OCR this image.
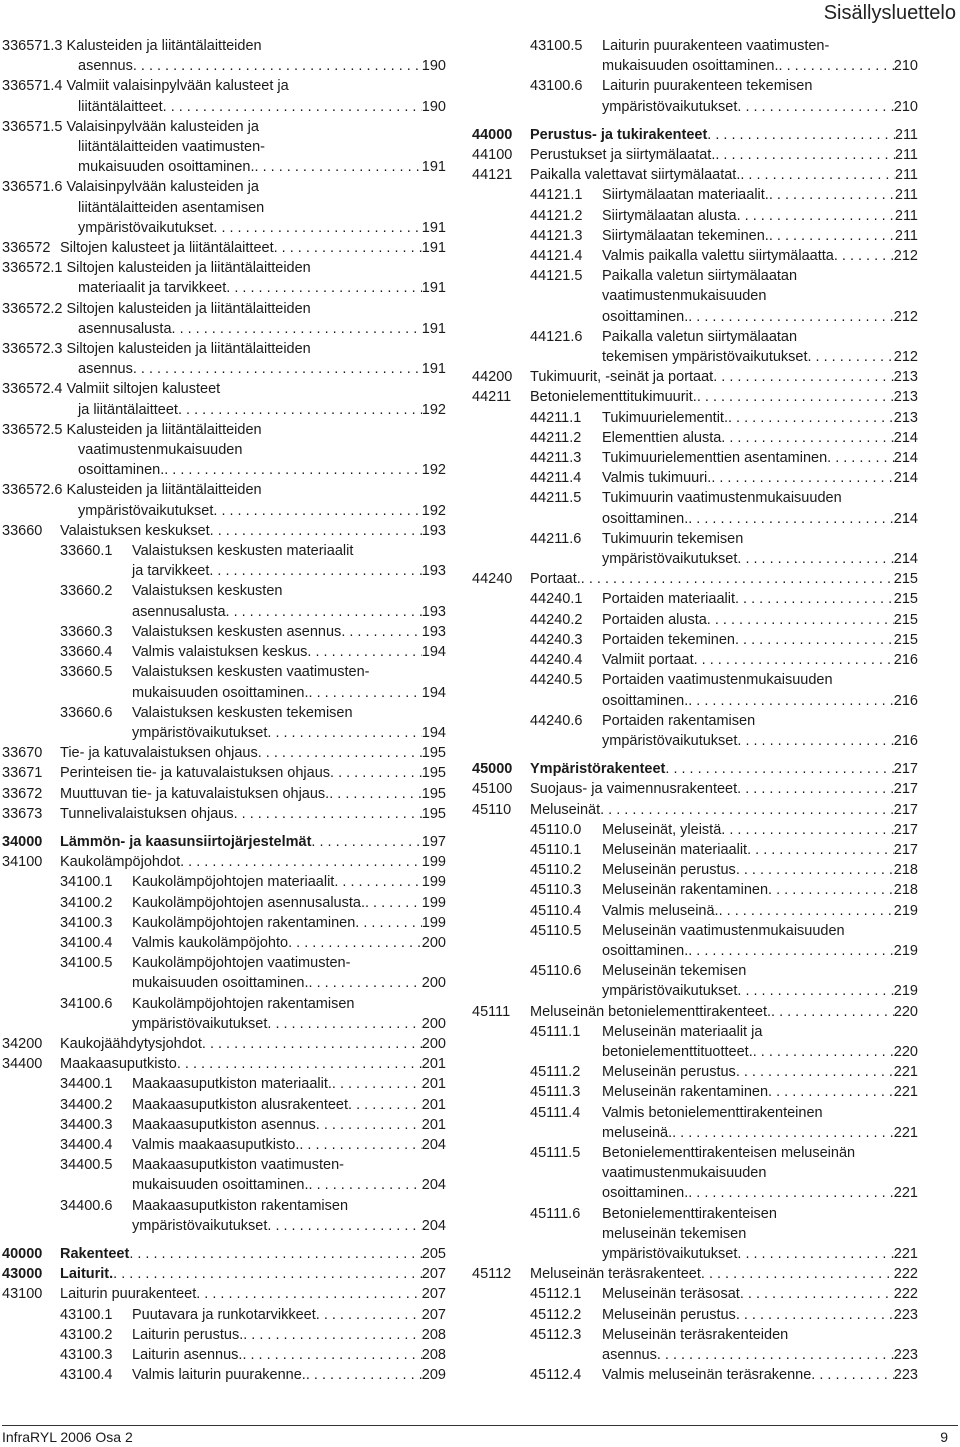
Sisällysluettelo
336571.3 Kalusteiden ja liitäntälaitteiden
asennus . . .	190
336571.4 Valmiit valaisinpylvään kalusteet ja
liitäntälaitteet . . .	190
336571.5 Valaisinpylvään kalusteiden ja
liitäntälaitteiden vaatimusten-
mukaisuuden osoittaminen. . . .	191
336571.6 Valaisinpylvään kalusteiden ja
liitäntälaitteiden asentamisen
ympäristövaikutukset . . .	191
336572 Siltojen kalusteet ja liitäntälaitteet . . .	191
336572.1 Siltojen kalusteiden ja liitäntälaitteiden
materiaalit ja tarvikkeet . . .	191
336572.2 Siltojen kalusteiden ja liitäntälaitteiden
asennusalusta . . .	191
336572.3 Siltojen kalusteiden ja liitäntälaitteiden
asennus . . .	191
336572.4 Valmiit siltojen kalusteet
ja liitäntälaitteet . . .	192
336572.5 Kalusteiden ja liitäntälaitteiden
vaatimustenmukaisuuden
osoittaminen. . . .	192
336572.6 Kalusteiden ja liitäntälaitteiden
ympäristövaikutukset . . .	192
33660	Valaistuksen keskukset . . .	193
33660.1	Valaistuksen keskusten materiaalit
ja tarvikkeet . . .	193
33660.2	Valaistuksen keskusten
asennusalusta . . .	193
33660.3	Valaistuksen keskusten asennus . . .	193
33660.4	Valmis valaistuksen keskus . . .	194
33660.5	Valaistuksen keskusten vaatimusten-
mukaisuuden osoittaminen. . . .	194
33660.6	Valaistuksen keskusten tekemisen
ympäristövaikutukset . . .	194
33670	Tie- ja katuvalaistuksen ohjaus . . .	195
33671	Perinteisen tie- ja katuvalaistuksen ohjaus . . .	195
33672	Muuttuvan tie- ja katuvalaistuksen ohjaus. . . .	195
33673	Tunnelivalaistuksen ohjaus . . .	195
34000	Lämmön- ja kaasunsiirtojärjestelmät . . .	197
34100	Kaukolämpöjohdot . . .	199
34100.1	Kaukolämpöjohtojen materiaalit . . .	199
34100.2	Kaukolämpöjohtojen asennusalusta. . . .	199
34100.3	Kaukolämpöjohtojen rakentaminen . . .	199
34100.4	Valmis kaukolämpöjohto . . .	200
34100.5	Kaukolämpöjohtojen vaatimusten-
mukaisuuden osoittaminen. . . .	200
34100.6	Kaukolämpöjohtojen rakentamisen
ympäristövaikutukset . . .	200
34200	Kaukojäähdytysjohdot . . .	200
34400	Maakaasuputkisto . . .	201
34400.1	Maakaasuputkiston materiaalit. . . .	201
34400.2	Maakaasuputkiston alusrakenteet . . .	201
34400.3	Maakaasuputkiston asennus . . .	201
34400.4	Valmis maakaasuputkisto. . . .	204
34400.5	Maakaasuputkiston vaatimusten-
mukaisuuden osoittaminen. . . .	204
34400.6	Maakaasuputkiston rakentamisen
ympäristövaikutukset . . .	204
40000	Rakenteet . . .	205
43000	Laiturit. . . .	207
43100	Laiturin puurakenteet . . .	207
43100.1	Puutavara ja runkotarvikkeet . . .	207
43100.2	Laiturin perustus. . . .	208
43100.3	Laiturin asennus. . . .	208
43100.4	Valmis laiturin puurakenne. . . .	209
43100.5	Laiturin puurakenteen vaatimusten-
mukaisuuden osoittaminen. . . .	210
43100.6	Laiturin puurakenteen tekemisen
ympäristövaikutukset . . .	210
44000	Perustus- ja tukirakenteet . . .	211
44100	Perustukset ja siirtymälaatat. . . .	211
44121	Paikalla valettavat siirtymälaatat. . . .	211
44121.1	Siirtymälaatan materiaalit. . . .	211
44121.2	Siirtymälaatan alusta . . .	211
44121.3	Siirtymälaatan tekeminen. . . .	211
44121.4	Valmis paikalla valettu siirtymälaatta . . .	212
44121.5	Paikalla valetun siirtymälaatan
vaatimustenmukaisuuden
osoittaminen. . . .	212
44121.6	Paikalla valetun siirtymälaatan
tekemisen ympäristövaikutukset . . .	212
44200	Tukimuurit, -seinät ja portaat . . .	213
44211	Betonielementtitukimuurit. . . .	213
44211.1	Tukimuurielementit. . . .	213
44211.2	Elementtien alusta . . .	214
44211.3	Tukimuurielementtien asentaminen . . .	214
44211.4	Valmis tukimuuri. . . .	214
44211.5	Tukimuurin vaatimustenmukaisuuden
osoittaminen. . . .	214
44211.6	Tukimuurin tekemisen
ympäristövaikutukset . . .	214
44240	Portaat. . . .	215
44240.1	Portaiden materiaalit . . .	215
44240.2	Portaiden alusta . . .	215
44240.3	Portaiden tekeminen . . .	215
44240.4	Valmiit portaat . . .	216
44240.5	Portaiden vaatimustenmukaisuuden
osoittaminen. . . .	216
44240.6	Portaiden rakentamisen
ympäristövaikutukset . . .	216
45000	Ympäristörakenteet . . .	217
45100	Suojaus- ja vaimennusrakenteet . . .	217
45110	Meluseinät . . .	217
45110.0	Meluseinät, yleistä . . .	217
45110.1	Meluseinän materiaalit . . .	217
45110.2	Meluseinän perustus . . .	218
45110.3	Meluseinän rakentaminen . . .	218
45110.4	Valmis meluseinä. . . .	219
45110.5	Meluseinän vaatimustenmukaisuuden
osoittaminen. . . .	219
45110.6	Meluseinän tekemisen
ympäristövaikutukset . . .	219
45111	Meluseinän betonielementtirakenteet. . . .	220
45111.1	Meluseinän materiaalit ja
betonielementtituotteet. . . .	220
45111.2	Meluseinän perustus . . .	221
45111.3	Meluseinän rakentaminen . . .	221
45111.4	Valmis betonielementtirakenteinen
meluseinä. . . .	221
45111.5	Betonielementtirakenteisen meluseinän
vaatimustenmukaisuuden
osoittaminen. . . .	221
45111.6	Betonielementtirakenteisen
meluseinän tekemisen
ympäristövaikutukset . . .	221
45112	Meluseinän teräsrakenteet . . .	222
45112.1	Meluseinän teräsosat . . .	222
45112.2	Meluseinän perustus . . .	223
45112.3	Meluseinän teräsrakenteiden
asennus . . .	223
45112.4	Valmis meluseinän teräsrakenne . . .	223
InfraRYL 2006 Osa 2	9
